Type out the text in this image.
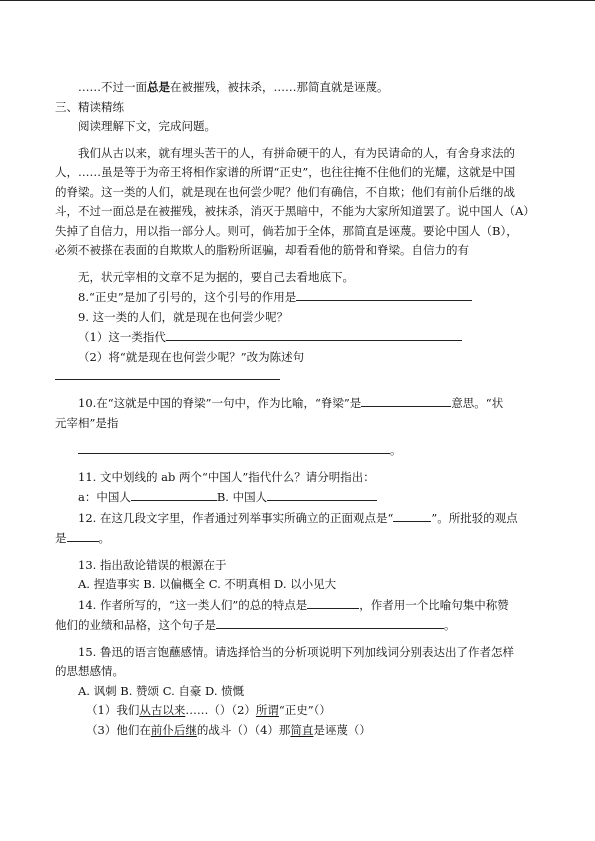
……不过一面总是在被摧残，被抹杀，……那简直就是诬蔑。

三、精读精练

阅读理解下文，完成问题。

我们从古以来，就有埋头苦干的人，有拼命硬干的人，有为民请命的人，有舍身求法的

人，……虽是等于为帝王将相作家谱的所谓“正史”，也往往掩不住他们的光耀，这就是中国

的脊梁。这一类的人们，就是现在也何尝少呢？他们有确信，不自欺；他们有前仆后继的战

斗，不过一面总是在被摧残，被抹杀，消灭于黑暗中，不能为大家所知道罢了。说中国人（A）

失掉了自信力，用以指一部分人。则可，倘若加于全体，那简直是诬蔑。要论中国人（B），

必须不被搽在表面的自欺欺人的脂粉所诓骗，却看看他的筋骨和脊梁。自信力的有

无，状元宰相的文章不足为据的，要自己去看地底下。

8.“正史”是加了引号的，这个引号的作用是

9. 这一类的人们，就是现在也何尝少呢？

（1）这一类指代

（2）将“就是现在也何尝少呢？”改为陈述句

10.在“这就是中国的脊梁”一句中，作为比喻，“脊梁”是	意思。“状

元宰相”是指

。

11. 文中划线的 ab 两个“中国人”指代什么？请分明指出：

a：中国人	B. 中国人

12. 在这几段文字里，作者通过列举事实所确立的正面观点是“	”。所批驳的观点

是	。

13. 指出敌论错误的根源在于

A. 捏造事实 B. 以偏概全 C. 不明真相 D. 以小见大

14. 作者所写的，“这一类人们”的总的特点是	，作者用一个比喻句集中称赞

他们的业绩和品格，这个句子是	。

15. 鲁迅的语言饱蘸感情。请选择恰当的分析项说明下列加线词分别表达出了作者怎样

的思想感情。

A. 讽刺 B. 赞颂 C. 自豪 D. 愤慨

（1）我们从古以来……（）（2）所谓“正史”（）

（3）他们在前仆后继的战斗（）（4）那简直是诬蔑（）
